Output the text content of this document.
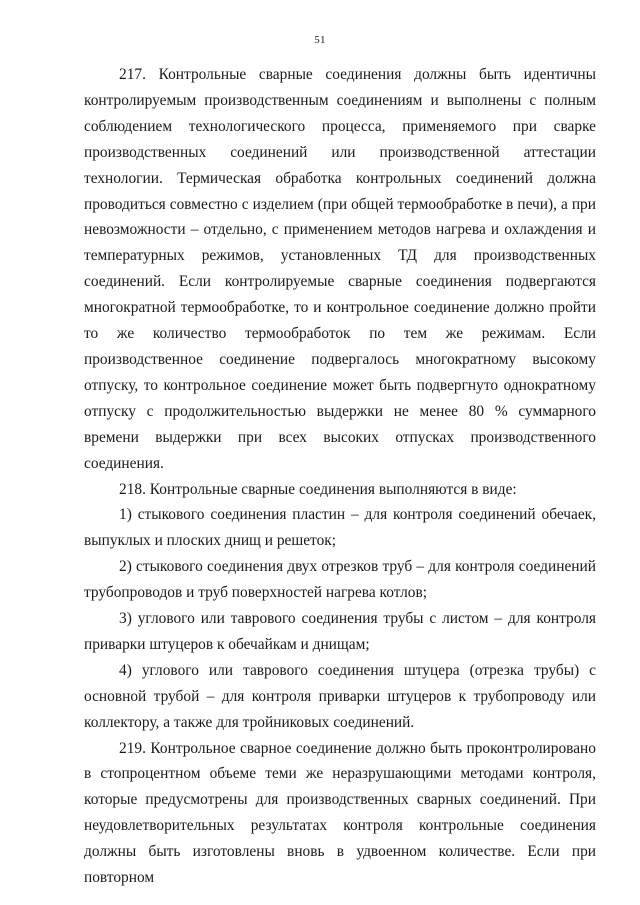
51

217. Контрольные сварные соединения должны быть идентичны контролируемым производственным соединениям и выполнены с полным соблюдением технологического процесса, применяемого при сварке производственных соединений или производственной аттестации технологии. Термическая обработка контрольных соединений должна проводиться совместно с изделием (при общей термообработке в печи), а при невозможности – отдельно, с применением методов нагрева и охлаждения и температурных режимов, установленных ТД для производственных соединений. Если контролируемые сварные соединения подвергаются многократной термообработке, то и контрольное соединение должно пройти то же количество термообработок по тем же режимам. Если производственное соединение подвергалось многократному высокому отпуску, то контрольное соединение может быть подвергнуто однократному отпуску с продолжительностью выдержки не менее 80 % суммарного времени выдержки при всех высоких отпусках производственного соединения.

218. Контрольные сварные соединения выполняются в виде:

1) стыкового соединения пластин – для контроля соединений обечаек, выпуклых и плоских днищ и решеток;

2) стыкового соединения двух отрезков труб – для контроля соединений трубопроводов и труб поверхностей нагрева котлов;

3) углового или таврового соединения трубы с листом – для контроля приварки штуцеров к обечайкам и днищам;

4) углового или таврового соединения штуцера (отрезка трубы) с основной трубой – для контроля приварки штуцеров к трубопроводу или коллектору, а также для тройниковых соединений.

219. Контрольное сварное соединение должно быть проконтролировано в стопроцентном объеме теми же неразрушающими методами контроля, которые предусмотрены для производственных сварных соединений. При неудовлетворительных результатах контроля контрольные соединения должны быть изготовлены вновь в удвоенном количестве. Если при повторном
